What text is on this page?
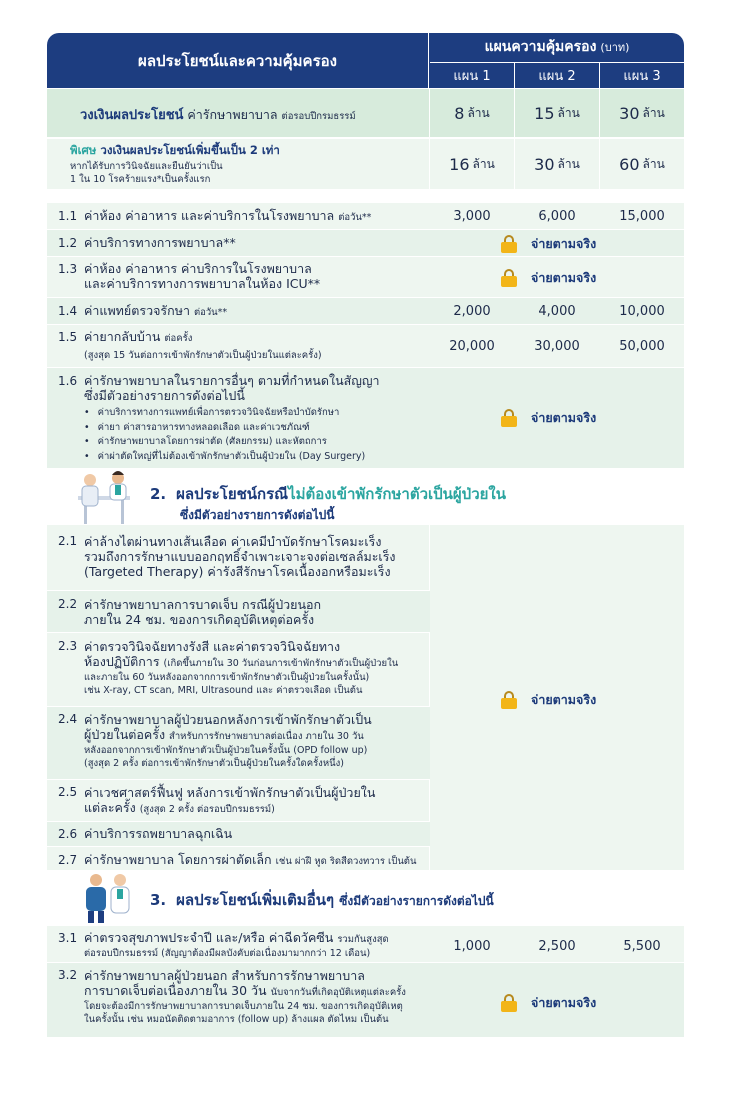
ผลประโยชน์และความคุ้มครอง
แผนความคุ้มครอง (บาท)
แผน 1	แผน 2	แผน 3
วงเงินผลประโยชน์ ค่ารักษาพยาบาล ต่อรอบปีกรมธรรม์	8 ล้าน	15 ล้าน 30 ล้าน
พิเศษ วงเงินผลประโยชน์เพิ่มขึ้นเป็น 2 เท่า
หากได้รับการวินิจฉัยและยืนยันว่าเป็น
1 ใน 10 โรคร้ายแรง*เป็นครั้งแรก
16 ล้าน 30 ล้าน 60 ล้าน
1.1 ค่าห้อง ค่าอาหาร และค่าบริการในโรงพยาบาล ต่อวัน**	3,000	6,000	15,000
1.2 ค่าบริการทางการพยาบาล**	จ่ายตามจริง
1.3 ค่าห้อง ค่าอาหาร ค่าบริการในโรงพยาบาล
และค่าบริการทางการพยาบาลในห้อง ICU**	จ่ายตามจริง
1.4 ค่าแพทย์ตรวจรักษา ต่อวัน**	2,000	4,000	10,000
1.5 ค่ายากลับบ้าน ต่อครั้ง
(สูงสุด 15 วันต่อการเข้าพักรักษาตัวเป็นผู้ป่วยในแต่ละครั้ง)
20,000	30,000	50,000
1.6 ค่ารักษาพยาบาลในรายการอื่นๆ ตามที่กำหนดในสัญญา
ซึ่งมีตัวอย่างรายการดังต่อไปนี้
• ค่าบริการทางการแพทย์เพื่อการตรวจวินิจฉัยหรือบำบัดรักษา
• ค่ายา ค่าสารอาหารทางหลอดเลือด และค่าเวชภัณฑ์
• ค่ารักษาพยาบาลโดยการผ่าตัด (ศัลยกรรม) และหัตถการ
• ค่าผ่าตัดใหญ่ที่ไม่ต้องเข้าพักรักษาตัวเป็นผู้ป่วยใน (Day Surgery)
จ่ายตามจริง
2. ผลประโยชน์กรณีไม่ต้องเข้าพักรักษาตัวเป็นผู้ป่วยใน
ซึ่งมีตัวอย่างรายการดังต่อไปนี้
2.1 ค่าล้างไตผ่านทางเส้นเลือด ค่าเคมีบำบัดรักษาโรคมะเร็ง
รวมถึงการรักษาแบบออกฤทธิ์จำเพาะเจาะจงต่อเซลล์มะเร็ง
(Targeted Therapy) ค่ารังสีรักษาโรคเนื้องอกหรือมะเร็ง
2.2 ค่ารักษาพยาบาลการบาดเจ็บ กรณีผู้ป่วยนอก
ภายใน 24 ชม. ของการเกิดอุบัติเหตุต่อครั้ง
2.3 ค่าตรวจวินิจฉัยทางรังสี และค่าตรวจวินิจฉัยทาง
ห้องปฏิบัติการ (เกิดขึ้นภายใน 30 วันก่อนการเข้าพักรักษาตัวเป็นผู้ป่วยใน
และภายใน 60 วันหลังออกจากการเข้าพักรักษาตัวเป็นผู้ป่วยในครั้งนั้น)
เช่น X-ray, CT scan, MRI, Ultrasound และ ค่าตรวจเลือด เป็นต้น
2.4 ค่ารักษาพยาบาลผู้ป่วยนอกหลังการเข้าพักรักษาตัวเป็น
ผู้ป่วยในต่อครั้ง สำหรับการรักษาพยาบาลต่อเนื่อง ภายใน 30 วัน
หลังออกจากการเข้าพักรักษาตัวเป็นผู้ป่วยในครั้งนั้น (OPD follow up)
(สูงสุด 2 ครั้ง ต่อการเข้าพักรักษาตัวเป็นผู้ป่วยในครั้งใดครั้งหนึ่ง)
2.5 ค่าเวชศาสตร์ฟื้นฟู หลังการเข้าพักรักษาตัวเป็นผู้ป่วยใน
แต่ละครั้ง (สูงสุด 2 ครั้ง ต่อรอบปีกรมธรรม์)
2.6 ค่าบริการรถพยาบาลฉุกเฉิน
2.7 ค่ารักษาพยาบาล โดยการผ่าตัดเล็ก เช่น ผ่าฝี หูด ริดสีดวงทวาร เป็นต้น
จ่ายตามจริง
3. ผลประโยชน์เพิ่มเติมอื่นๆ ซึ่งมีตัวอย่างรายการดังต่อไปนี้
3.1 ค่าตรวจสุขภาพประจำปี และ/หรือ ค่าฉีดวัคซีน รวมกันสูงสุด
ต่อรอบปีกรมธรรม์ (สัญญาต้องมีผลบังคับต่อเนื่องมามากกว่า 12 เดือน)	1,000	2,500	5,500
3.2 ค่ารักษาพยาบาลผู้ป่วยนอก สำหรับการรักษาพยาบาล
การบาดเจ็บต่อเนื่องภายใน 30 วัน นับจากวันที่เกิดอุบัติเหตุแต่ละครั้ง
โดยจะต้องมีการรักษาพยาบาลการบาดเจ็บภายใน 24 ชม. ของการเกิดอุบัติเหตุ
ในครั้งนั้น เช่น หมอนัดติดตามอาการ (follow up) ล้างแผล ตัดไหม เป็นต้น
จ่ายตามจริง
